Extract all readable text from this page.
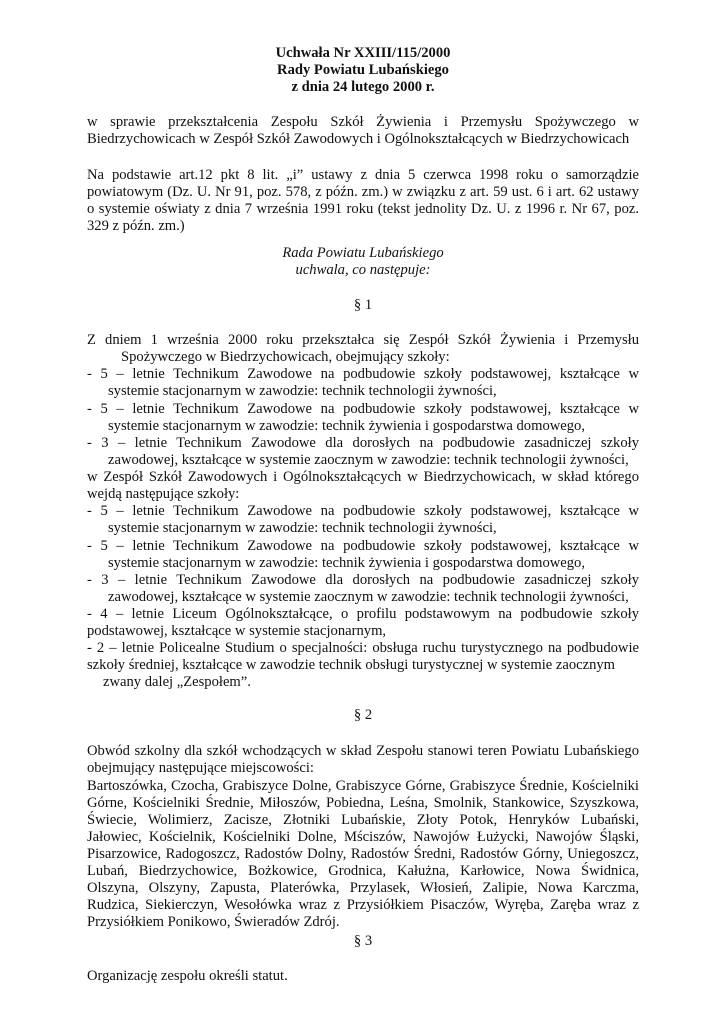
Uchwała Nr XXIII/115/2000
Rady Powiatu Lubańskiego
z dnia 24 lutego 2000 r.
w sprawie przekształcenia Zespołu Szkół Żywienia i Przemysłu Spożywczego w
Biedrzychowicach w Zespół Szkół Zawodowych i Ogólnokształcących w Biedrzychowicach
Na podstawie art.12 pkt 8 lit. „i” ustawy z dnia 5 czerwca 1998 roku o samorządzie
powiatowym (Dz. U. Nr 91, poz. 578, z późn. zm.) w związku z art. 59 ust. 6 i art. 62 ustawy
o systemie oświaty z dnia 7 września 1991 roku (tekst jednolity Dz. U. z 1996 r. Nr 67, poz.
329 z późn. zm.)
Rada Powiatu Lubańskiego
uchwala, co następuje:
§ 1
Z dniem 1 września 2000 roku przekształca się Zespół Szkół Żywienia i Przemysłu
Spożywczego w Biedrzychowicach, obejmujący szkoły:
- 5 – letnie Technikum Zawodowe na podbudowie szkoły podstawowej, kształcące w
systemie stacjonarnym w zawodzie: technik technologii żywności,
- 5 – letnie Technikum Zawodowe na podbudowie szkoły podstawowej, kształcące w
systemie stacjonarnym w zawodzie: technik żywienia i gospodarstwa domowego,
- 3 – letnie Technikum Zawodowe dla dorosłych na podbudowie zasadniczej szkoły
zawodowej, kształcące w systemie zaocznym w zawodzie: technik technologii żywności,
w Zespół Szkół Zawodowych i Ogólnokształcących w Biedrzychowicach, w skład którego
wejdą następujące szkoły:
- 5 – letnie Technikum Zawodowe na podbudowie szkoły podstawowej, kształcące w
systemie stacjonarnym w zawodzie: technik technologii żywności,
- 5 – letnie Technikum Zawodowe na podbudowie szkoły podstawowej, kształcące w
systemie stacjonarnym w zawodzie: technik żywienia i gospodarstwa domowego,
- 3 – letnie Technikum Zawodowe dla dorosłych na podbudowie zasadniczej szkoły
zawodowej, kształcące w systemie zaocznym w zawodzie: technik technologii żywności,
- 4 – letnie Liceum Ogólnokształcące, o profilu podstawowym na podbudowie szkoły
podstawowej, kształcące w systemie stacjonarnym,
- 2 – letnie Policealne Studium o specjalności: obsługa ruchu turystycznego na podbudowie
szkoły średniej, kształcące w zawodzie technik obsługi turystycznej w systemie zaocznym
zwany dalej „Zespołem”.
§ 2
Obwód szkolny dla szkół wchodzących w skład Zespołu stanowi teren Powiatu Lubańskiego
obejmujący następujące miejscowości:
Bartoszówka, Czocha, Grabiszyce Dolne, Grabiszyce Górne, Grabiszyce Średnie, Kościelniki
Górne, Kościelniki Średnie, Miłoszów, Pobiedna, Leśna, Smolnik, Stankowice, Szyszkowa,
Świecie, Wolimierz, Zacisze, Złotniki Lubańskie, Złoty Potok, Henryków Lubański,
Jałowiec, Kościelnik, Kościelniki Dolne, Mściszów, Nawojów Łużycki, Nawojów Śląski,
Pisarzowice, Radogoszcz, Radostów Dolny, Radostów Średni, Radostów Górny, Uniegoszcz,
Lubań, Biedrzychowice, Bożkowice, Grodnica, Kałużna, Karłowice, Nowa Świdnica,
Olszyna, Olszyny, Zapusta, Platerówka, Przylasek, Włosień, Zalipie, Nowa Karczma,
Rudzica, Siekierczyn, Wesołówka wraz z Przysiółkiem Pisaczów, Wyręba, Zaręba wraz z
Przysiółkiem Ponikowo, Świeradów Zdrój.
§ 3
Organizację zespołu określi statut.
